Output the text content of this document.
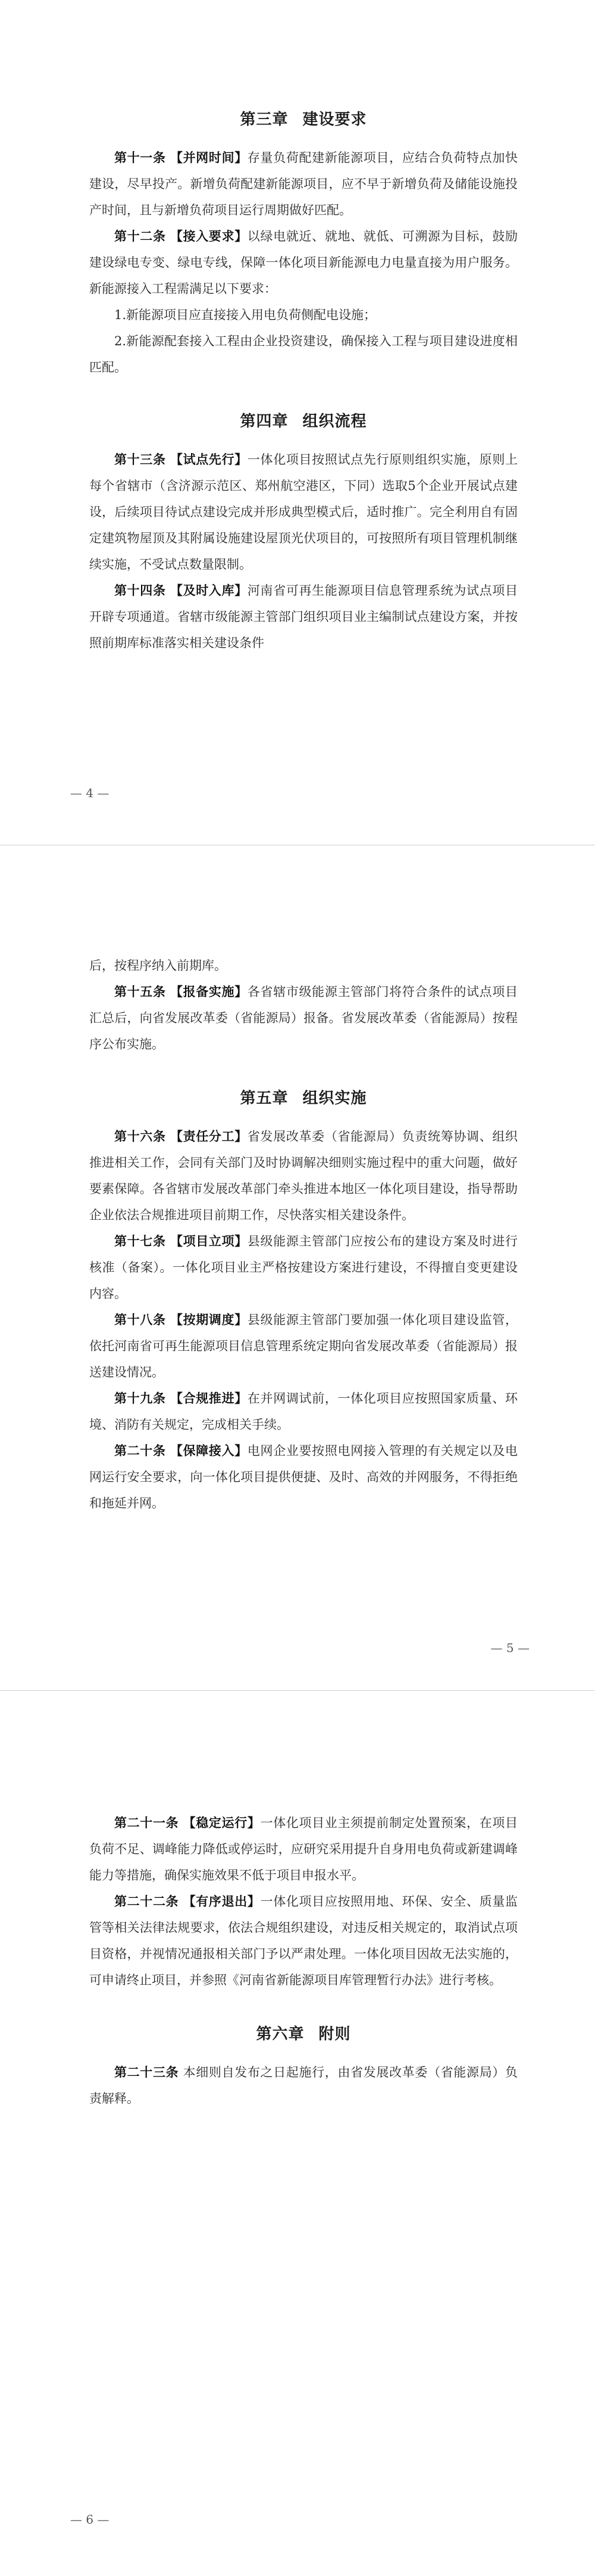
第三章 建设要求

第十一条 【并网时间】存量负荷配建新能源项目，应结合负荷特点加快建设，尽早投产。新增负荷配建新能源项目，应不早于新增负荷及储能设施投产时间，且与新增负荷项目运行周期做好匹配。

第十二条 【接入要求】以绿电就近、就地、就低、可溯源为目标，鼓励建设绿电专变、绿电专线，保障一体化项目新能源电力电量直接为用户服务。新能源接入工程需满足以下要求：

1.新能源项目应直接接入用电负荷侧配电设施；

2.新能源配套接入工程由企业投资建设，确保接入工程与项目建设进度相匹配。

第四章 组织流程

第十三条 【试点先行】一体化项目按照试点先行原则组织实施，原则上每个省辖市（含济源示范区、郑州航空港区，下同）选取5个企业开展试点建设，后续项目待试点建设完成并形成典型模式后，适时推广。完全利用自有固定建筑物屋顶及其附属设施建设屋顶光伏项目的，可按照所有项目管理机制继续实施，不受试点数量限制。

第十四条 【及时入库】河南省可再生能源项目信息管理系统为试点项目开辟专项通道。省辖市级能源主管部门组织项目业主编制试点建设方案，并按照前期库标准落实相关建设条件

— 4 —

后，按程序纳入前期库。

第十五条 【报备实施】各省辖市级能源主管部门将符合条件的试点项目汇总后，向省发展改革委（省能源局）报备。省发展改革委（省能源局）按程序公布实施。

第五章 组织实施

第十六条 【责任分工】省发展改革委（省能源局）负责统筹协调、组织推进相关工作，会同有关部门及时协调解决细则实施过程中的重大问题，做好要素保障。各省辖市发展改革部门牵头推进本地区一体化项目建设，指导帮助企业依法合规推进项目前期工作，尽快落实相关建设条件。

第十七条 【项目立项】县级能源主管部门应按公布的建设方案及时进行核准（备案）。一体化项目业主严格按建设方案进行建设，不得擅自变更建设内容。

第十八条 【按期调度】县级能源主管部门要加强一体化项目建设监管，依托河南省可再生能源项目信息管理系统定期向省发展改革委（省能源局）报送建设情况。

第十九条 【合规推进】在并网调试前，一体化项目应按照国家质量、环境、消防有关规定，完成相关手续。

第二十条 【保障接入】电网企业要按照电网接入管理的有关规定以及电网运行安全要求，向一体化项目提供便捷、及时、高效的并网服务，不得拒绝和拖延并网。

— 5 —

第二十一条 【稳定运行】一体化项目业主须提前制定处置预案，在项目负荷不足、调峰能力降低或停运时，应研究采用提升自身用电负荷或新建调峰能力等措施，确保实施效果不低于项目申报水平。

第二十二条 【有序退出】一体化项目应按照用地、环保、安全、质量监管等相关法律法规要求，依法合规组织建设，对违反相关规定的，取消试点项目资格，并视情况通报相关部门予以严肃处理。一体化项目因故无法实施的，可申请终止项目，并参照《河南省新能源项目库管理暂行办法》进行考核。

第六章 附则

第二十三条 本细则自发布之日起施行，由省发展改革委（省能源局）负责解释。

— 6 —
